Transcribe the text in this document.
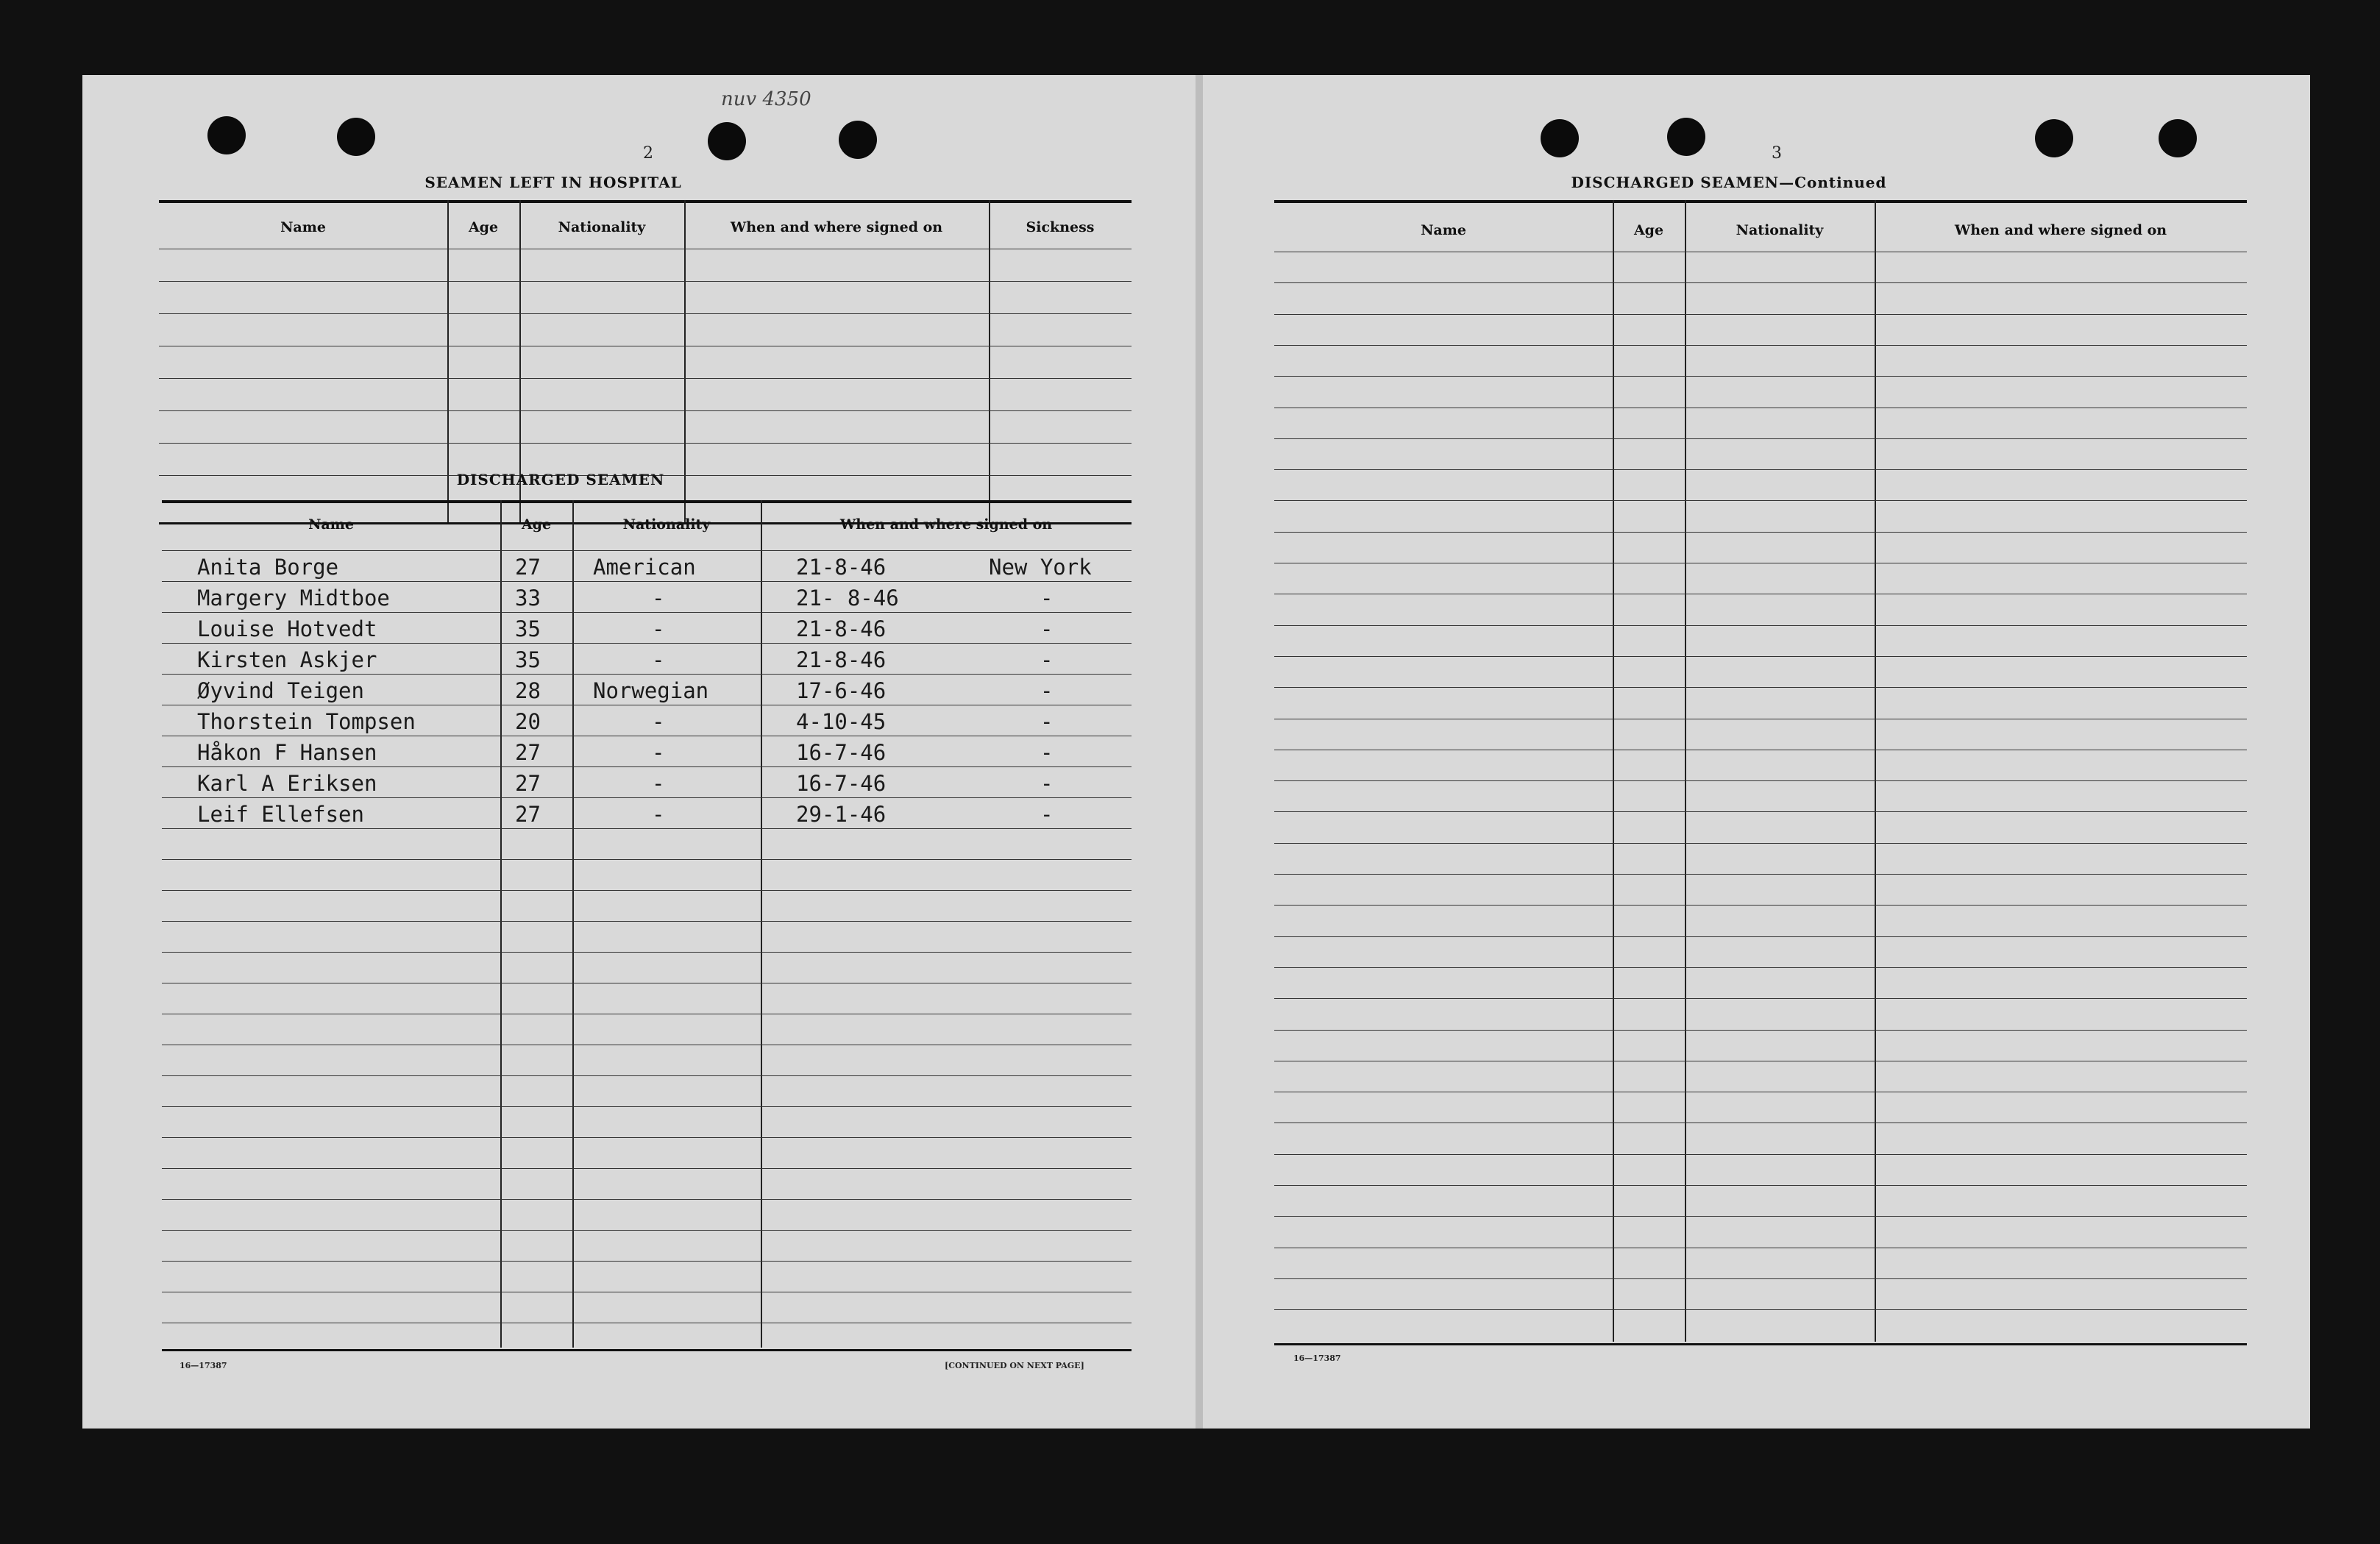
nuv 4350
2
SEAMEN LEFT IN HOSPITAL
Name	Age	Nationality	When and where signed on	Sickness
DISCHARGED SEAMEN
Name	Age	Nationality	When and where signed on
Anita Borge	27 American	21-8-46	New York
Margery Midtboe	33	-	21- 8-46	-
Louise Hotvedt	35	-	21-8-46	-
Kirsten Askjer	35	-	21-8-46	-
Øyvind Teigen	28 Norwegian	17-6-46	-
Thorstein Tompsen	20	-	4-10-45	-
Håkon F Hansen	27	-	16-7-46	-
Karl A Eriksen	27	-	16-7-46	-
Leif Ellefsen	27	-	29-1-46	-
16—17387	[CONTINUED ON NEXT PAGE]
3
DISCHARGED SEAMEN—Continued
Name	Age	Nationality	When and where signed on
16—17387
